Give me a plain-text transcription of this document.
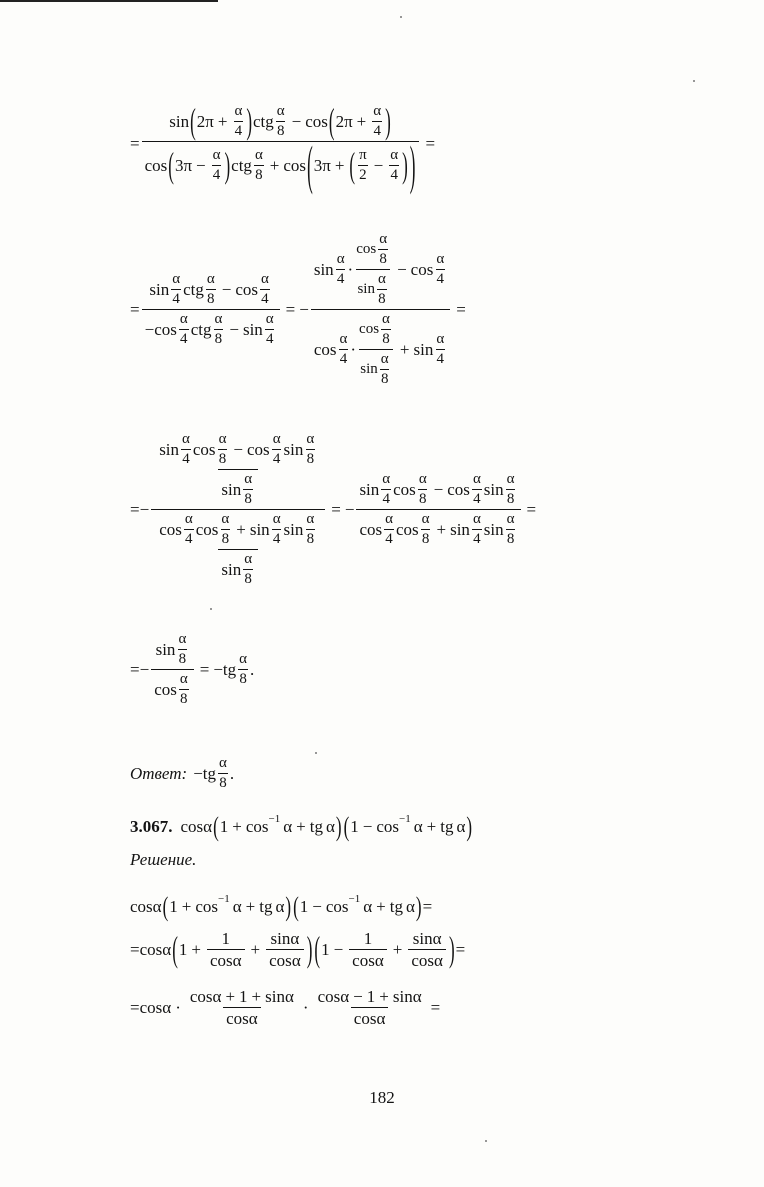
=
sin ( $2\pi + \frac{\alpha}{4}$ ) ctg $\frac{\alpha}{8} - \cos$ ( $2\pi + \frac{\alpha}{4}$ )
cos ( $3\pi - \frac{\alpha}{4}$ ) ctg $\frac{\alpha}{8} + \cos$ ( 3π + ( $\frac{\pi}{2} - \frac{\alpha}{4}$ ) ) =
=
$\sin \frac{\alpha}{4}$ ctg $\frac{\alpha}{8} - \cos \frac{\alpha}{4}$
− $\cos \frac{\alpha}{4}$ ctg $\frac{\alpha}{8} - \sin \frac{\alpha}{4}$
= −
$\sin \frac{\alpha}{4} \cdot \frac{\cos \frac{\alpha}{8}}{\sin \frac{\alpha}{8}} - \cos \frac{\alpha}{4}$
$\cos \frac{\alpha}{4} \cdot \frac{\cos \frac{\alpha}{8}}{\sin \frac{\alpha}{8}} + \sin \frac{\alpha}{4}$
=
= −
$\sin \frac{\alpha}{4}$ $\cos \frac{\alpha}{8} - \cos \frac{\alpha}{4}$ $\sin \frac{\alpha}{8}$
$\sin \frac{\alpha}{8}$
$\cos \frac{\alpha}{4}$ $\cos \frac{\alpha}{8} + \sin \frac{\alpha}{4}$ $\sin \frac{\alpha}{8}$
$\sin \frac{\alpha}{8}$
= −
$\sin \frac{\alpha}{4}$ $\cos \frac{\alpha}{8} - \cos \frac{\alpha}{4}$ $\sin \frac{\alpha}{8}$
$\cos \frac{\alpha}{4}$ $\cos \frac{\alpha}{8} + \sin \frac{\alpha}{4}$ $\sin \frac{\alpha}{8}$
=
= − $\frac{\sin \frac{\alpha}{8}}{\cos \frac{\alpha}{8}}$ = − tg $\frac{\alpha}{8}$ .
Ответ: − tg $\frac{\alpha}{8}$ .
3.067. cos α ( 1 + cos −1 α + tg α ) ( 1 − cos −1 α + tg α )
Решение.
cos α ( 1 + cos −1 α + tg α ) ( 1 − cos −1 α + tg α ) =
= cos α ( $1 + \frac{1}{\text{cos α}} + \frac{\text{sin α}}{\text{cos α}}$ ) ( $1 - \frac{1}{\text{cos α}} + \frac{\text{sin α}}{\text{cos α}}$ ) =
= $\cos \alpha \cdot \frac{\text{cos α + 1 + sin α}}{\text{cos α}} \cdot \frac{\text{cos α − 1 + sin α}}{\text{cos α}}$ =
182
